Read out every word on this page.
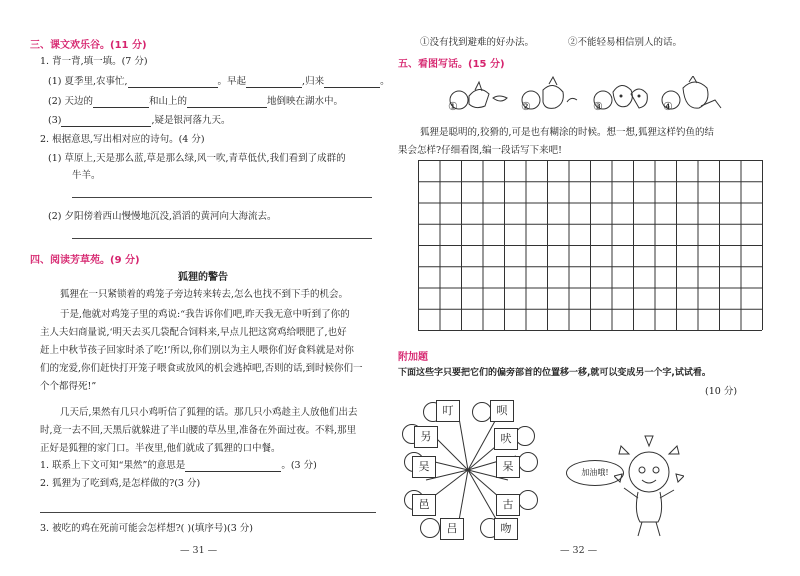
三、课文欢乐谷。(11 分)
1. 背一背,填一填。(7 分)
(1) 夏季里,农事忙,	。早起	,归来	。
(2) 天边的	和山上的	地倒映在湖水中。
(3)	,疑是银河落九天。
2. 根据意思,写出相对应的诗句。(4 分)
(1) 草原上,天是那么蓝,草是那么绿,风一吹,青草低伏,我们看到了成群的
牛羊。
(2) 夕阳傍着西山慢慢地沉没,滔滔的黄河向大海流去。
四、阅读芳草苑。(9 分)
狐狸的警告
狐狸在一只紧锁着的鸡笼子旁边转来转去,怎么也找不到下手的机会。
于是,他就对鸡笼子里的鸡说:“我告诉你们吧,昨天我无意中听到了你的
主人夫妇商量说,‘明天去买几袋配合饲料来,早点儿把这窝鸡给喂肥了,也好
赶上中秋节孩子回家时杀了吃!’所以,你们别以为主人喂你们好食料就是对你
们的宠爱,你们赶快打开笼子喂食或放风的机会逃掉吧,否则的话,到时候你们一
个个都得死!”
几天后,果然有几只小鸡听信了狐狸的话。那几只小鸡趁主人放他们出去
时,竟一去不回,天黑后就躲进了半山腰的草丛里,准备在外面过夜。不料,那里
正好是狐狸的家门口。半夜里,他们就成了狐狸的口中餐。
1. 联系上下文可知“果然”的意思是	。(3 分)
2. 狐狸为了吃到鸡,是怎样做的?(3 分)
3. 被吃的鸡在死前可能会怎样想?( )(填序号)(3 分)
— 31 —
①没有找到避难的好办法。	②不能轻易相信别人的话。
五、看图写话。(15 分)
①	②	③	④
狐狸是聪明的,狡猾的,可是也有糊涂的时候。想一想,狐狸这样钓鱼的结
果会怎样?仔细看图,编一段话写下来吧!
附加题
下面这些字只要把它们的偏旁部首的位置移一移,就可以变成另一个字,试试看。
(10 分)
叮	呗
另	吠
吴	呆
邑
吕	吻
古
加油哦!
— 32 —
